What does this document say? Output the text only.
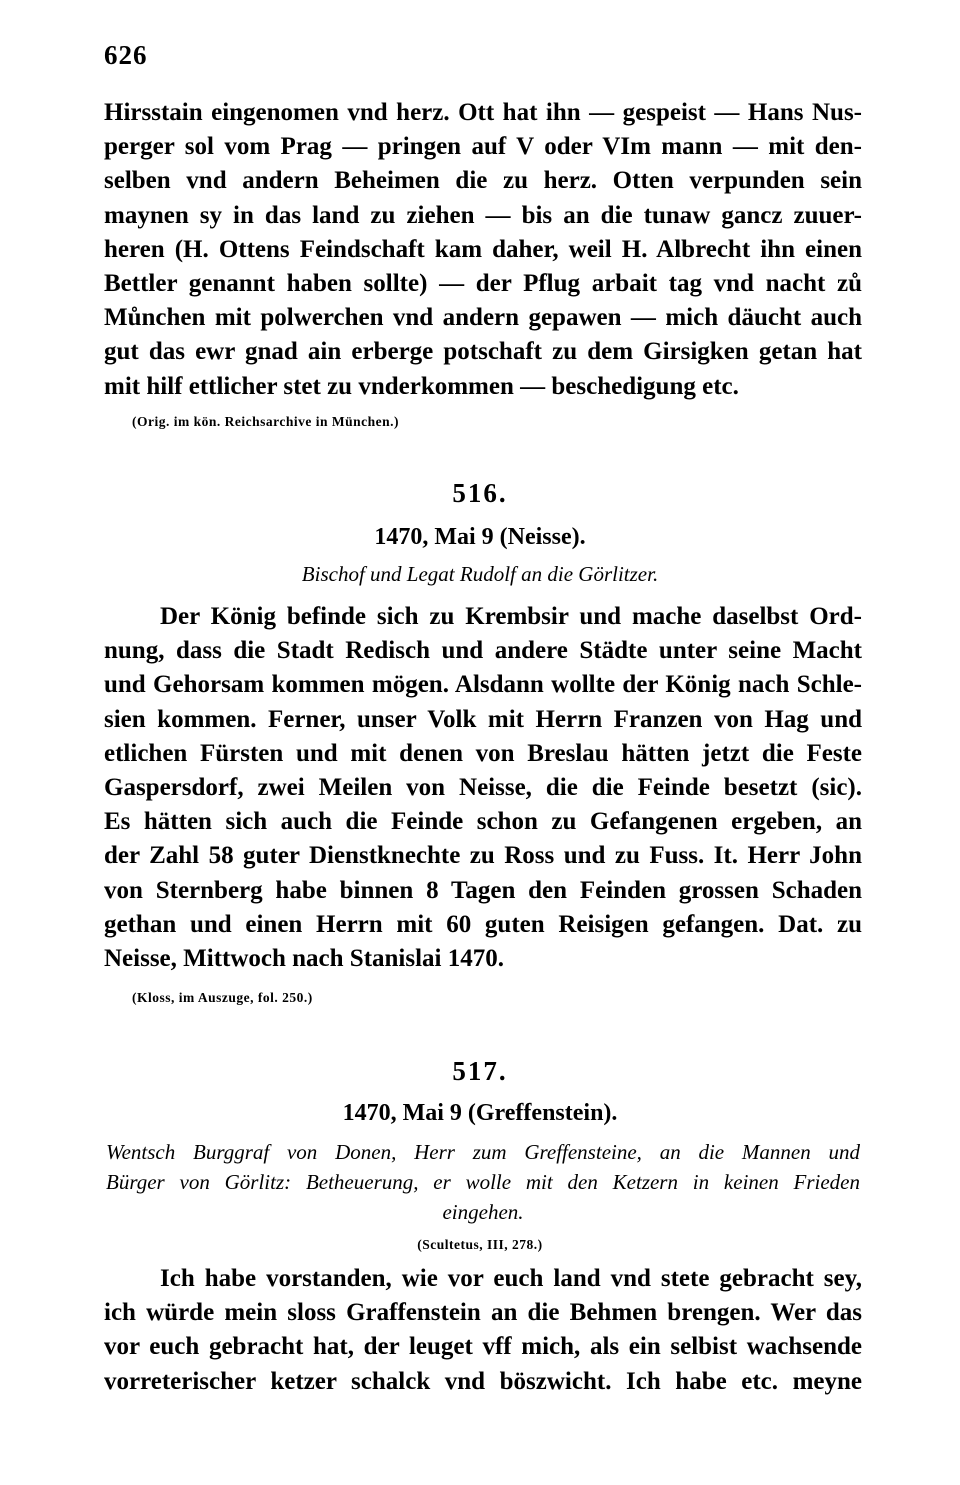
626
Hirsstain eingenomen vnd herz. Ott hat ihn — gespeist — Hans Nus-
perger sol vom Prag — pringen auf V oder VIm mann — mit den-
selben vnd andern Beheimen die zu herz. Otten verpunden sein
maynen sy in das land zu ziehen — bis an die tunaw gancz zuuer-
heren (H. Ottens Feindschaft kam daher, weil H. Albrecht ihn einen
Bettler genannt haben sollte) — der Pflug arbait tag vnd nacht zů
Můnchen mit polwerchen vnd andern gepawen — mich däucht auch
gut das ewr gnad ain erberge potschaft zu dem Girsigken getan hat
mit hilf ettlicher stet zu vnderkommen — beschedigung etc.
(Orig. im kön. Reichsarchive in München.)
516.
1470, Mai 9 (Neisse).
Bischof und Legat Rudolf an die Görlitzer.
Der König befinde sich zu Krembsir und mache daselbst Ord-
nung, dass die Stadt Redisch und andere Städte unter seine Macht
und Gehorsam kommen mögen. Alsdann wollte der König nach Schle-
sien kommen. Ferner, unser Volk mit Herrn Franzen von Hag und
etlichen Fürsten und mit denen von Breslau hätten jetzt die Feste
Gaspersdorf, zwei Meilen von Neisse, die die Feinde besetzt (sic).
Es hätten sich auch die Feinde schon zu Gefangenen ergeben, an
der Zahl 58 guter Dienstknechte zu Ross und zu Fuss. It. Herr John
von Sternberg habe binnen 8 Tagen den Feinden grossen Schaden
gethan und einen Herrn mit 60 guten Reisigen gefangen. Dat. zu
Neisse, Mittwoch nach Stanislai 1470.
(Kloss, im Auszuge, fol. 250.)
517.
1470, Mai 9 (Greffenstein).
Wentsch Burggraf von Donen, Herr zum Greffensteine, an die Mannen und
Bürger von Görlitz: Betheuerung, er wolle mit den Ketzern in keinen Frieden
eingehen.
(Scultetus, III, 278.)
Ich habe vorstanden, wie vor euch land vnd stete gebracht sey,
ich würde mein sloss Graffenstein an die Behmen brengen. Wer das
vor euch gebracht hat, der leuget vff mich, als ein selbist wachsende
vorreterischer ketzer schalck vnd böszwicht. Ich habe etc. meyne
